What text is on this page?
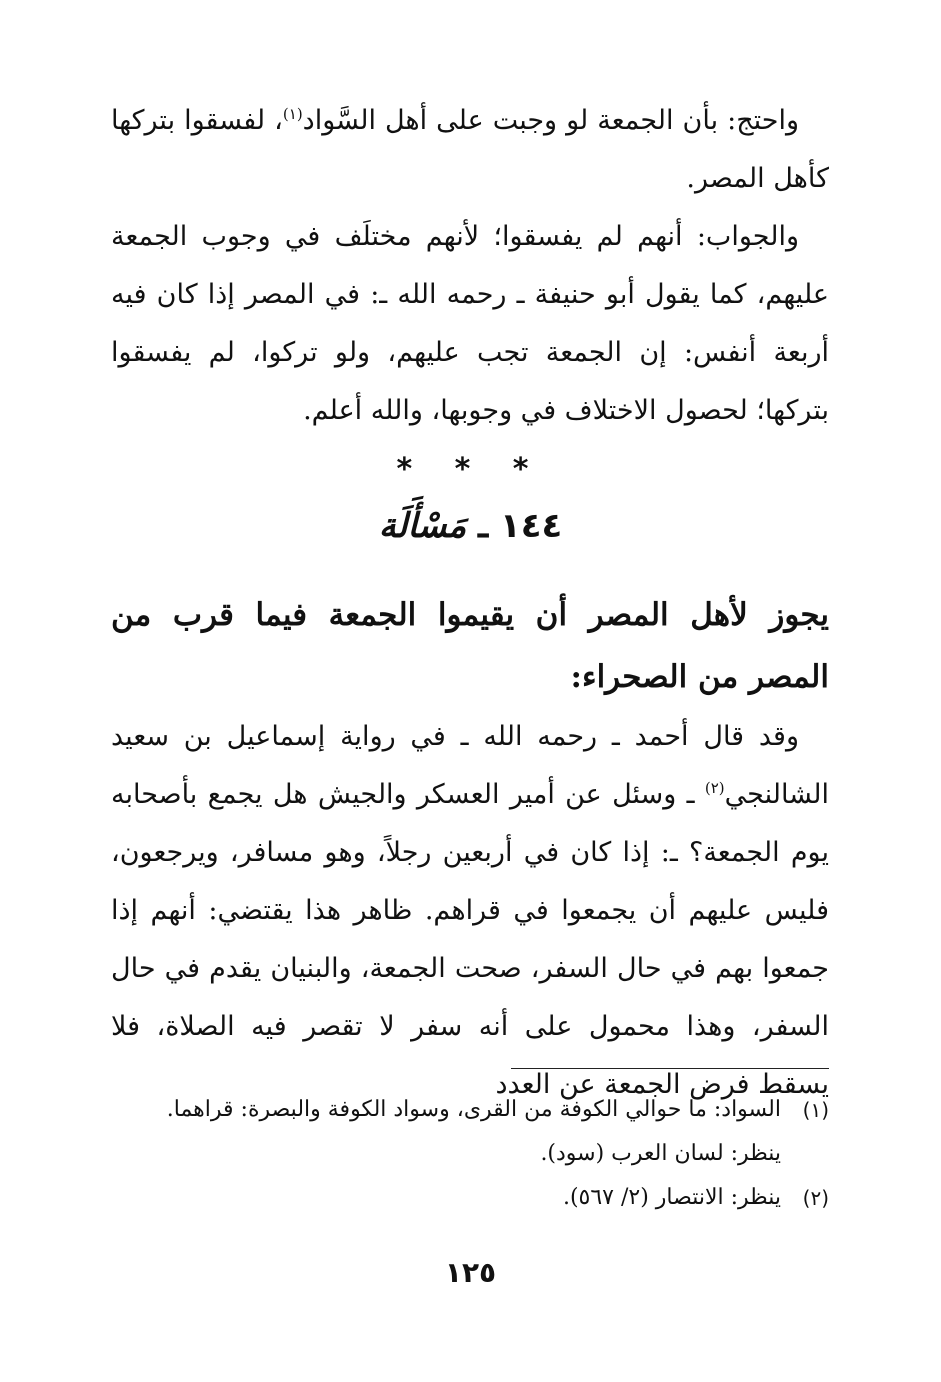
واحتج: بأن الجمعة لو وجبت على أهل السَّواد$^{(١)}$، لفسقوا بتركها كأهل المصر.

والجواب: أنهم لم يفسقوا؛ لأنهم مختلَف في وجوب الجمعة عليهم، كما يقول أبو حنيفة ـ رحمه الله ـ: في المصر إذا كان فيه أربعة أنفس: إن الجمعة تجب عليهم، ولو تركوا، لم يفسقوا بتركها؛ لحصول الاختلاف في وجوبها، والله أعلم.

* * *
١٤٤ ـ مَسْأَلَة

يجوز لأهل المصر أن يقيموا الجمعة فيما قرب من المصر من الصحراء:

وقد قال أحمد ـ رحمه الله ـ في رواية إسماعيل بن سعيد الشالنجي$^{(٢)}$ ـ وسئل عن أمير العسكر والجيش هل يجمع بأصحابه يوم الجمعة؟ ـ: إذا كان في أربعين رجلاً، وهو مسافر، ويرجعون، فليس عليهم أن يجمعوا في قراهم. ظاهر هذا يقتضي: أنهم إذا جمعوا بهم في حال السفر، صحت الجمعة، والبنيان يقدم في حال السفر، وهذا محمول على أنه سفر لا تقصر فيه الصلاة، فلا يسقط فرض الجمعة عن العدد

(١)
السواد: ما حوالي الكوفة من القرى، وسواد الكوفة والبصرة: قراهما. ينظر: لسان العرب (سود).
(٢)
ينظر: الانتصار (٢/ ٥٦٧).
١٢٥
